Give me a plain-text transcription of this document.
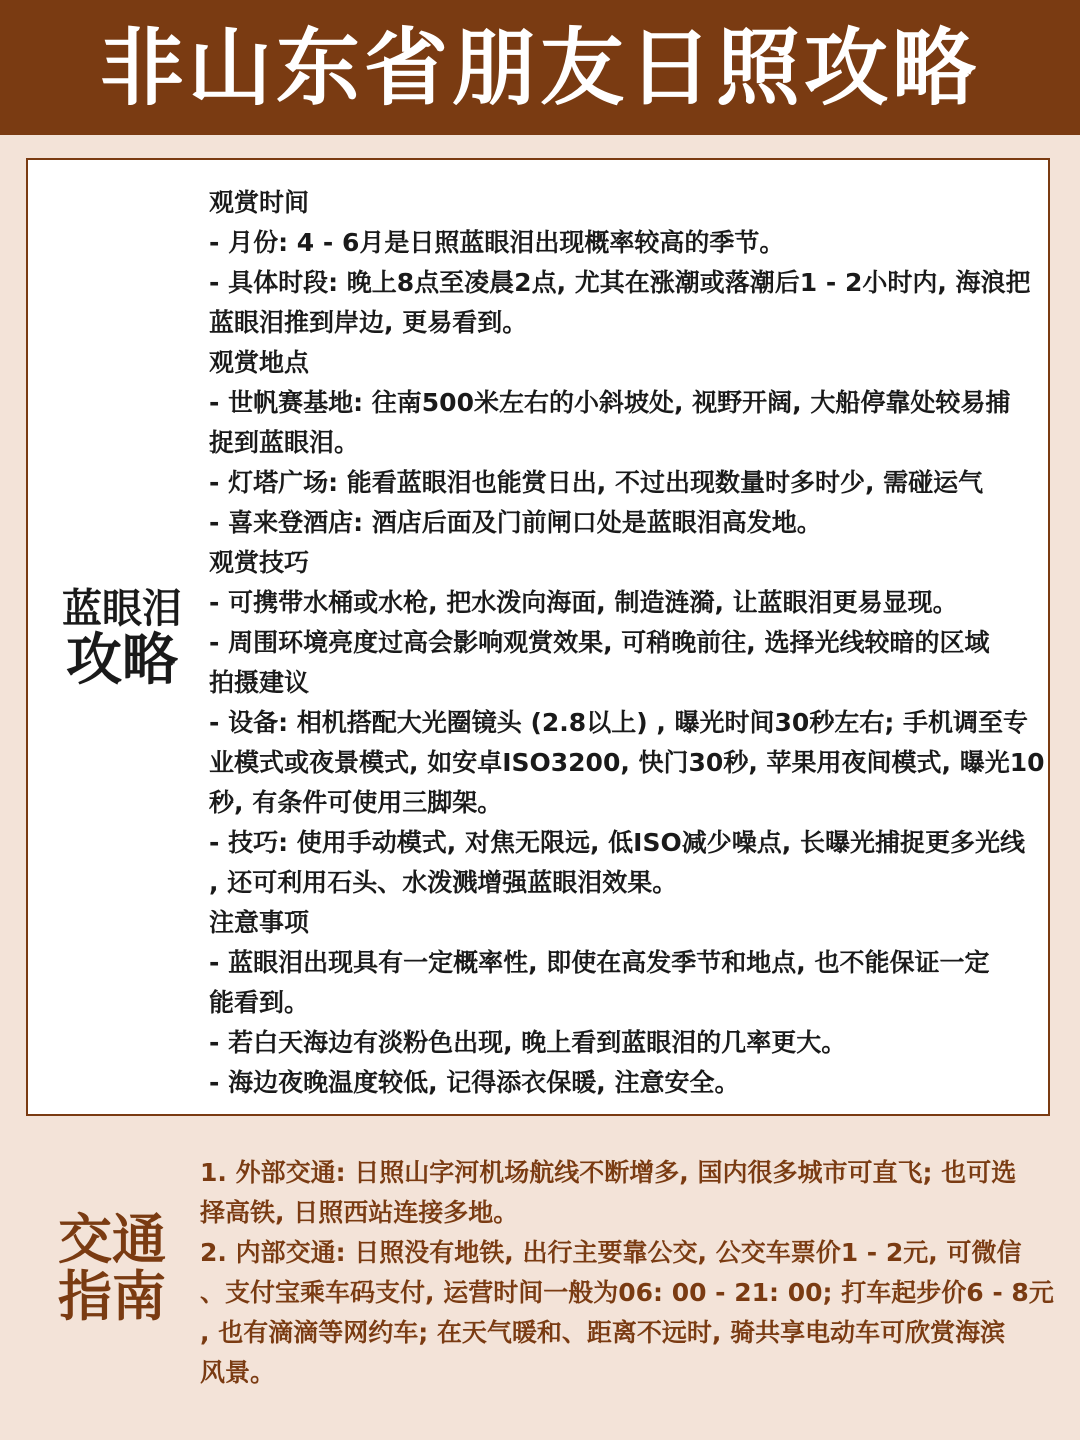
非山东省朋友日照攻略
蓝眼泪
攻略
观赏时间
- 月份: 4 - 6月是日照蓝眼泪出现概率较高的季节。
- 具体时段: 晚上8点至凌晨2点, 尤其在涨潮或落潮后1 - 2小时内, 海浪把
蓝眼泪推到岸边, 更易看到。
观赏地点
- 世帆赛基地: 往南500米左右的小斜坡处, 视野开阔, 大船停靠处较易捕
捉到蓝眼泪。
- 灯塔广场: 能看蓝眼泪也能赏日出, 不过出现数量时多时少, 需碰运气
- 喜来登酒店: 酒店后面及门前闸口处是蓝眼泪高发地。
观赏技巧
- 可携带水桶或水枪, 把水泼向海面, 制造涟漪, 让蓝眼泪更易显现。
- 周围环境亮度过高会影响观赏效果, 可稍晚前往, 选择光线较暗的区域
拍摄建议
- 设备: 相机搭配大光圈镜头 (2.8以上) , 曝光时间30秒左右; 手机调至专
业模式或夜景模式, 如安卓ISO3200, 快门30秒, 苹果用夜间模式, 曝光10
秒, 有条件可使用三脚架。
- 技巧: 使用手动模式, 对焦无限远, 低ISO减少噪点, 长曝光捕捉更多光线
, 还可利用石头、水泼溅增强蓝眼泪效果。
注意事项
- 蓝眼泪出现具有一定概率性, 即使在高发季节和地点, 也不能保证一定
能看到。
- 若白天海边有淡粉色出现, 晚上看到蓝眼泪的几率更大。
- 海边夜晚温度较低, 记得添衣保暖, 注意安全。
交通
指南
1. 外部交通: 日照山字河机场航线不断增多, 国内很多城市可直飞; 也可选
择高铁, 日照西站连接多地。
2. 内部交通: 日照没有地铁, 出行主要靠公交, 公交车票价1 - 2元, 可微信
、支付宝乘车码支付, 运营时间一般为06: 00 - 21: 00; 打车起步价6 - 8元
, 也有滴滴等网约车; 在天气暖和、距离不远时, 骑共享电动车可欣赏海滨
风景。
